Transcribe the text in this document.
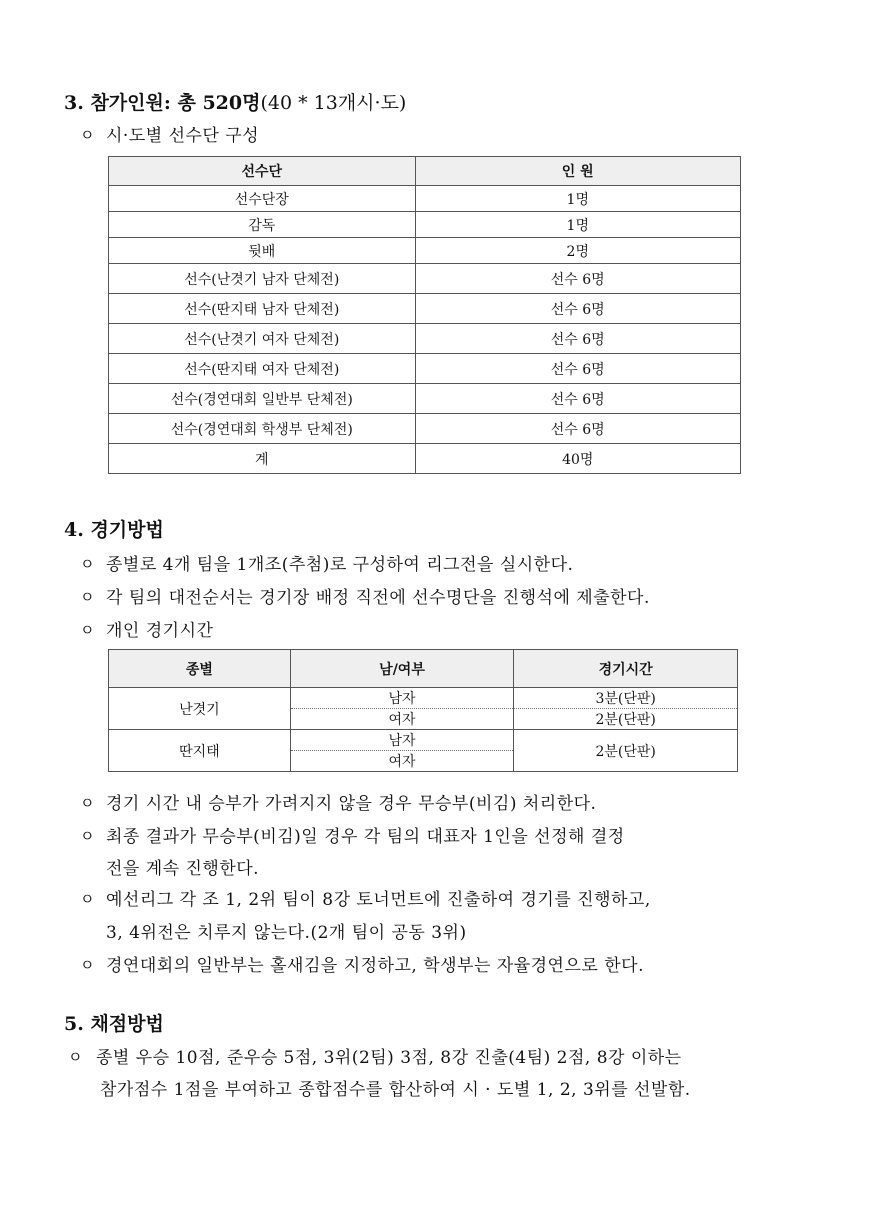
3. 참가인원: 총 520명(40 * 13개시·도)
ㅇ 시·도별 선수단 구성
선수단	인 원
선수단장	1명
감독	1명
뒷배	2명
선수(난겻기 남자 단체전)	선수 6명
선수(딴지태 남자 단체전)	선수 6명
선수(난겻기 여자 단체전)	선수 6명
선수(딴지태 여자 단체전)	선수 6명
선수(경연대회 일반부 단체전)	선수 6명
선수(경연대회 학생부 단체전)	선수 6명
계	40명
4. 경기방법
ㅇ 종별로 4개 팀을 1개조(추첨)로 구성하여 리그전을 실시한다.
ㅇ 각 팀의 대전순서는 경기장 배정 직전에 선수명단을 진행석에 제출한다.
ㅇ 개인 경기시간
종별	남/여부	경기시간
난겻기	남자	3분(단판)
	여자	2분(단판)
딴지태	남자	2분(단판)
	여자	
ㅇ 경기 시간 내 승부가 가려지지 않을 경우 무승부(비김) 처리한다.
ㅇ 최종 결과가 무승부(비김)일 경우 각 팀의 대표자 1인을 선정해 결정
전을 계속 진행한다.
ㅇ 예선리그 각 조 1, 2위 팀이 8강 토너먼트에 진출하여 경기를 진행하고,
3, 4위전은 치루지 않는다.(2개 팀이 공동 3위)
ㅇ 경연대회의 일반부는 홀새김을 지정하고, 학생부는 자율경연으로 한다.
5. 채점방법
ㅇ 종별 우승 10점, 준우승 5점, 3위(2팀) 3점, 8강 진출(4팀) 2점, 8강 이하는
참가점수 1점을 부여하고 종합점수를 합산하여 시 · 도별 1, 2, 3위를 선발함.
